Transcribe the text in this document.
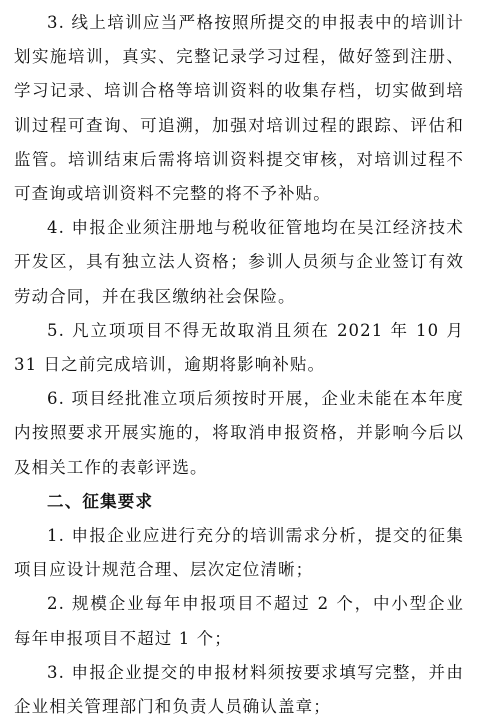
3. 线上培训应当严格按照所提交的申报表中的培训计划实施培训，真实、完整记录学习过程，做好签到注册、学习记录、培训合格等培训资料的收集存档，切实做到培训过程可查询、可追溯，加强对培训过程的跟踪、评估和监管。培训结束后需将培训资料提交审核，对培训过程不可查询或培训资料不完整的将不予补贴。

4. 申报企业须注册地与税收征管地均在吴江经济技术开发区，具有独立法人资格；参训人员须与企业签订有效劳动合同，并在我区缴纳社会保险。

5. 凡立项项目不得无故取消且须在 2021 年 10 月 31 日之前完成培训，逾期将影响补贴。

6. 项目经批准立项后须按时开展，企业未能在本年度内按照要求开展实施的，将取消申报资格，并影响今后以及相关工作的表彰评选。

二、征集要求

1. 申报企业应进行充分的培训需求分析，提交的征集项目应设计规范合理、层次定位清晰；

2. 规模企业每年申报项目不超过 2 个，中小型企业每年申报项目不超过 1 个；

3. 申报企业提交的申报材料须按要求填写完整，并由企业相关管理部门和负责人员确认盖章；
